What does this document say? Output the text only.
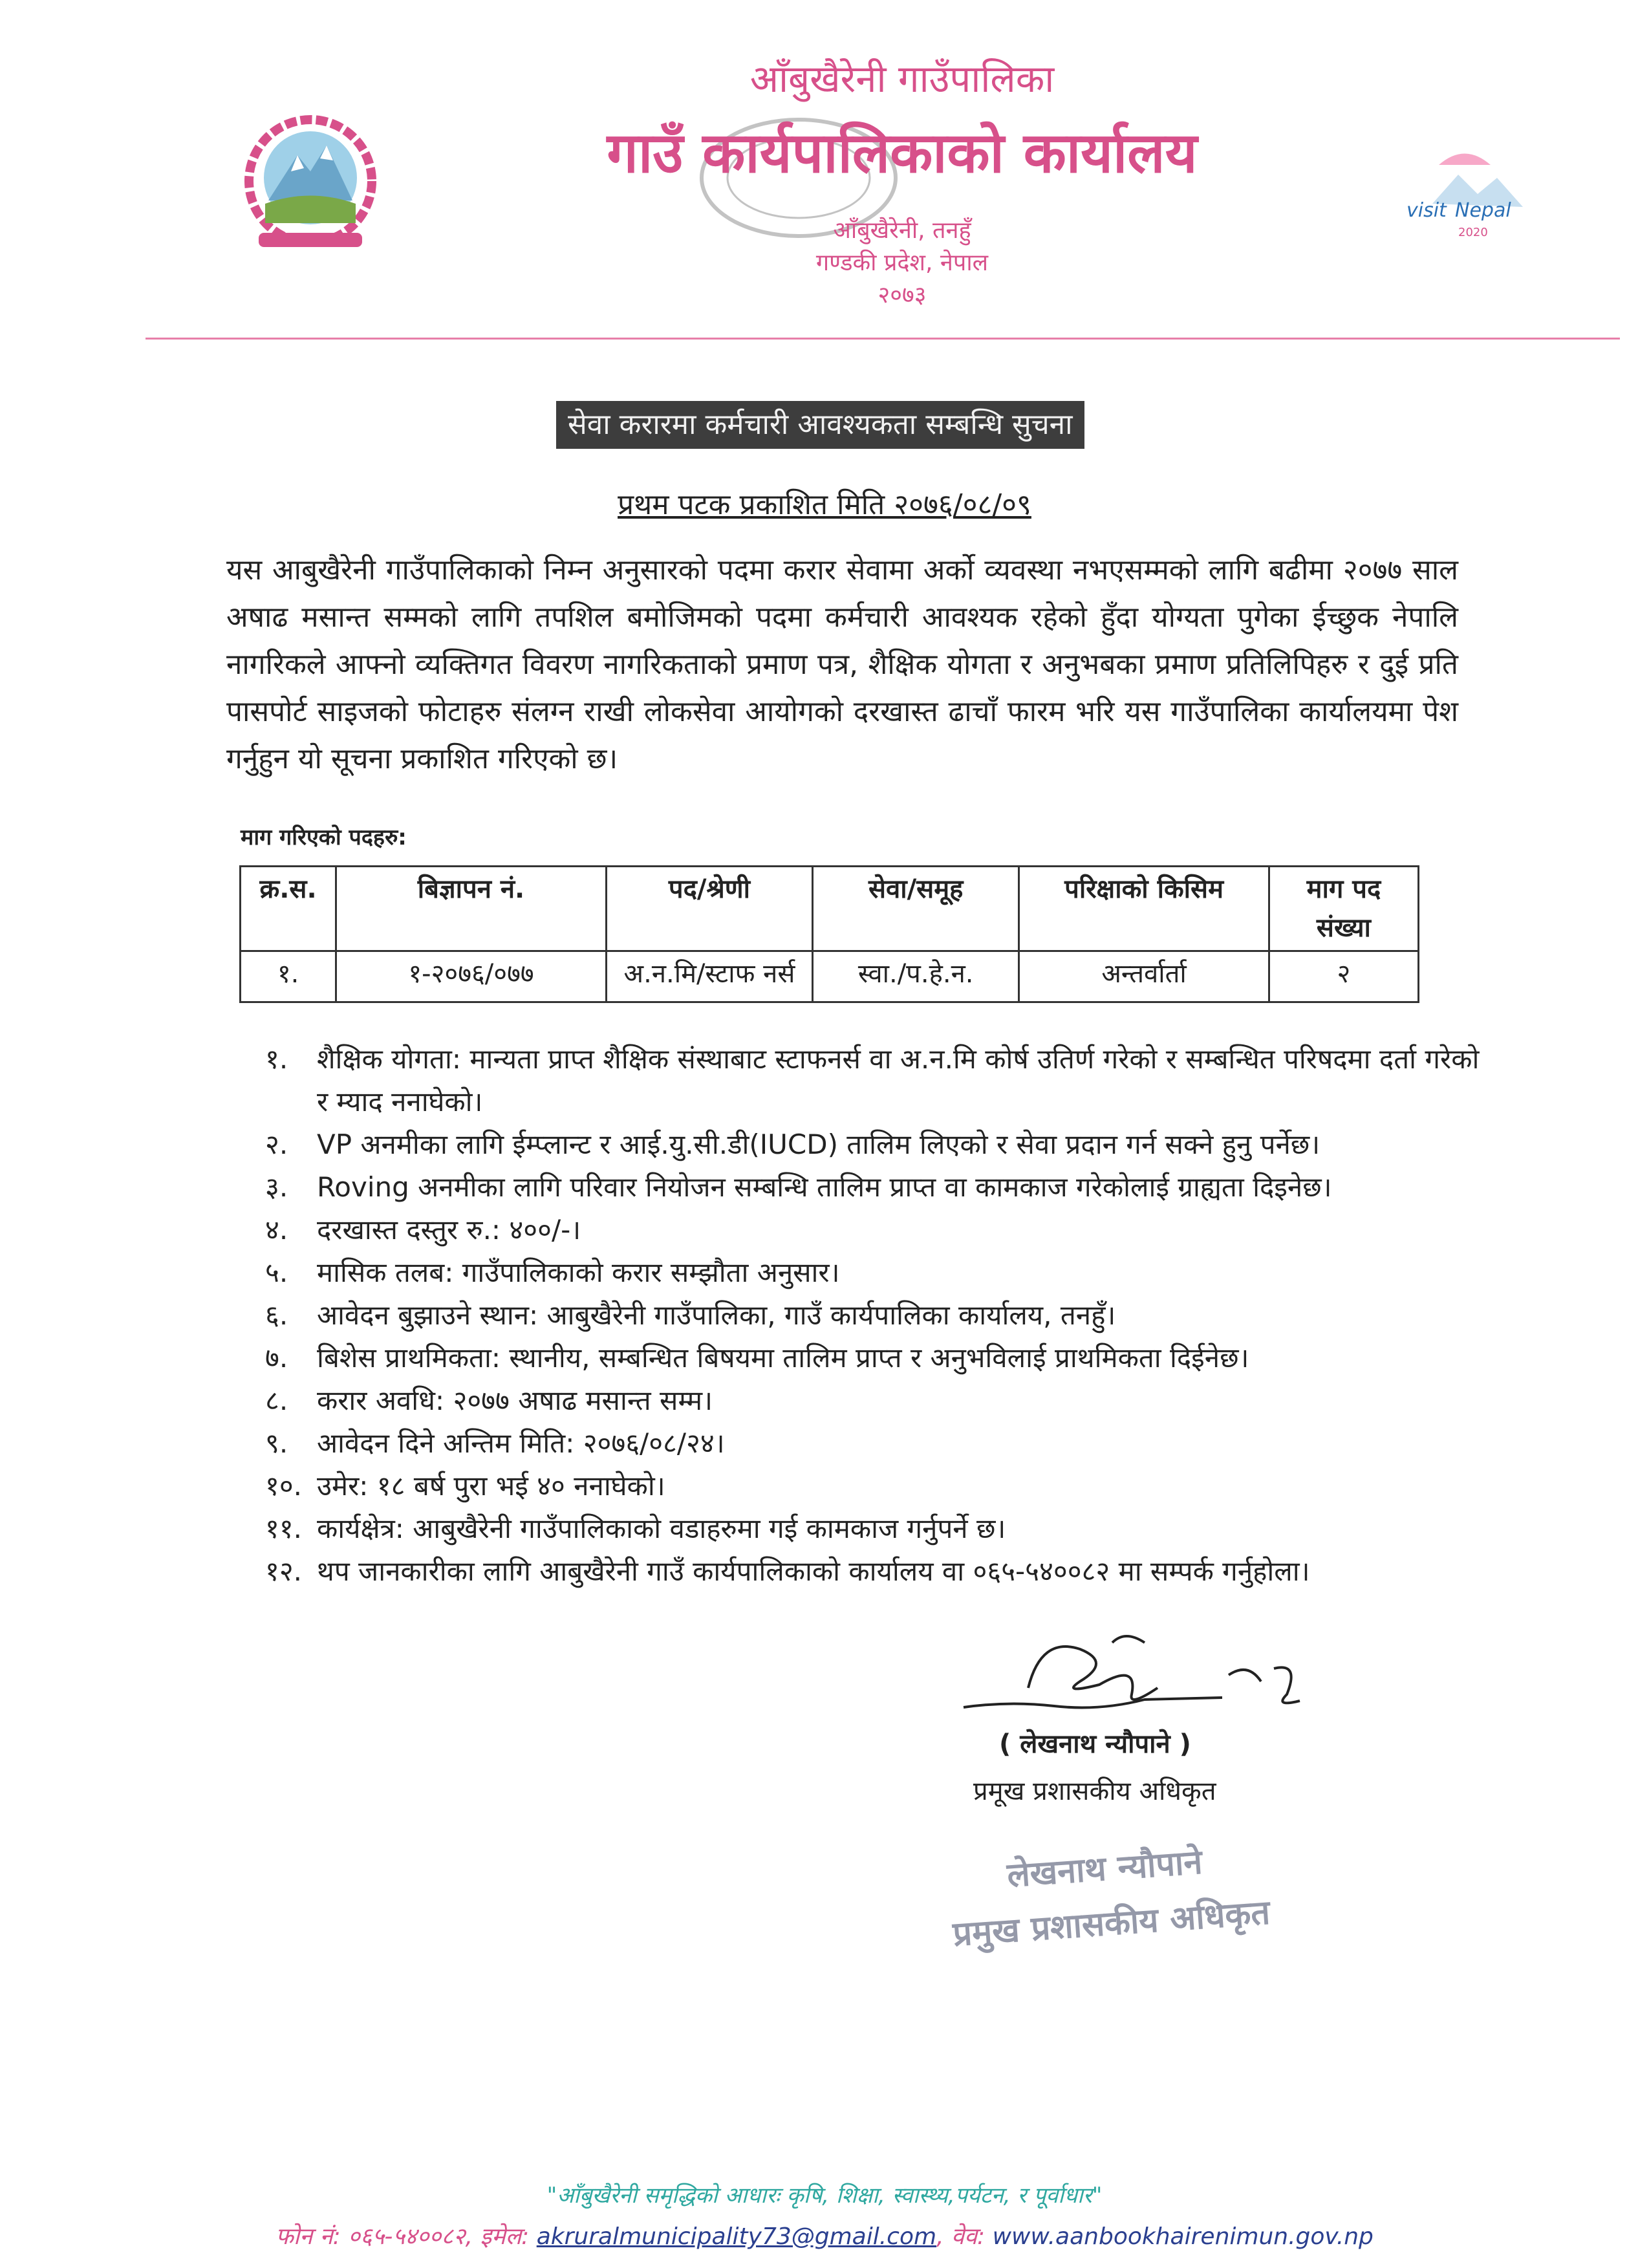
आँबुखैरेनी गाउँपालिका
गाउँ कार्यपालिकाको कार्यालय
आँबुखैरेनी, तनहुँ
गण्डकी प्रदेश, नेपाल
२०७३
visit Nepal
2020
सेवा करारमा कर्मचारी आवश्यकता सम्बन्धि सुचना
प्रथम पटक प्रकाशित मिति २०७६/०८/०९
यस आबुखैरेनी गाउँपालिकाको निम्न अनुसारको पदमा करार सेवामा अर्को व्यवस्था नभएसम्मको लागि बढीमा २०७७ साल अषाढ मसान्त सम्मको लागि तपशिल बमोजिमको पदमा कर्मचारी आवश्यक रहेको हुँदा योग्यता पुगेका ईच्छुक नेपालि नागरिकले आफ्नो व्यक्तिगत विवरण नागरिकताको प्रमाण पत्र, शैक्षिक योगता र अनुभबका प्रमाण प्रतिलिपिहरु र दुई प्रति पासपोर्ट साइजको फोटाहरु संलग्न राखी लोकसेवा आयोगको दरखास्त ढाचाँ फारम भरि यस गाउँपालिका कार्यालयमा पेश गर्नुहुन यो सूचना प्रकाशित गरिएको छ।
माग गरिएको पदहरु:
क्र.स.	बिज्ञापन नं.	पद/श्रेणी	सेवा/समूह	परिक्षाको किसिम	माग पद संख्या
१.	१-२०७६/०७७	अ.न.मि/स्टाफ नर्स	स्वा./प.हे.न.	अन्तर्वार्ता	२
१.	शैक्षिक योगता: मान्यता प्राप्त शैक्षिक संस्थाबाट स्टाफनर्स वा अ.न.मि कोर्ष उतिर्ण गरेको र सम्बन्धित परिषदमा दर्ता गरेको र म्याद ननाघेको।
२.	VP अनमीका लागि ईम्प्लान्ट र आई.यु.सी.डी(IUCD) तालिम लिएको र सेवा प्रदान गर्न सक्ने हुनु पर्नेछ।
३.	Roving अनमीका लागि परिवार नियोजन सम्बन्धि तालिम प्राप्त वा कामकाज गरेकोलाई ग्राह्यता दिइनेछ।
४.	दरखास्त दस्तुर रु.: ४००/-।
५.	मासिक तलब: गाउँपालिकाको करार सम्झौता अनुसार।
६.	आवेदन बुझाउने स्थान: आबुखैरेनी गाउँपालिका, गाउँ कार्यपालिका कार्यालय, तनहुँ।
७.	बिशेस प्राथमिकता: स्थानीय, सम्बन्धित बिषयमा तालिम प्राप्त र अनुभविलाई प्राथमिकता दिईनेछ।
८.	करार अवधि: २०७७ अषाढ मसान्त सम्म।
९.	आवेदन दिने अन्तिम मिति: २०७६/०८/२४।
१०. उमेर: १८ बर्ष पुरा भई ४० ननाघेको।
११. कार्यक्षेत्र: आबुखैरेनी गाउँपालिकाको वडाहरुमा गई कामकाज गर्नुपर्ने छ।
१२. थप जानकारीका लागि आबुखैरेनी गाउँ कार्यपालिकाको कार्यालय वा ०६५-५४००८२ मा सम्पर्क गर्नुहोला।
( लेखनाथ न्यौपाने )
प्रमूख प्रशासकीय अधिकृत
लेखनाथ न्यौपाने
प्रमुख प्रशासकीय अधिकृत
"आँबुखैरेनी समृद्धिको आधारः कृषि, शिक्षा, स्वास्थ्य,पर्यटन, र पूर्वाधार"
फोन नं: ०६५-५४००८२, इमेल: akruralmunicipality73@gmail.com, वेव: www.aanbookhairenimun.gov.np
